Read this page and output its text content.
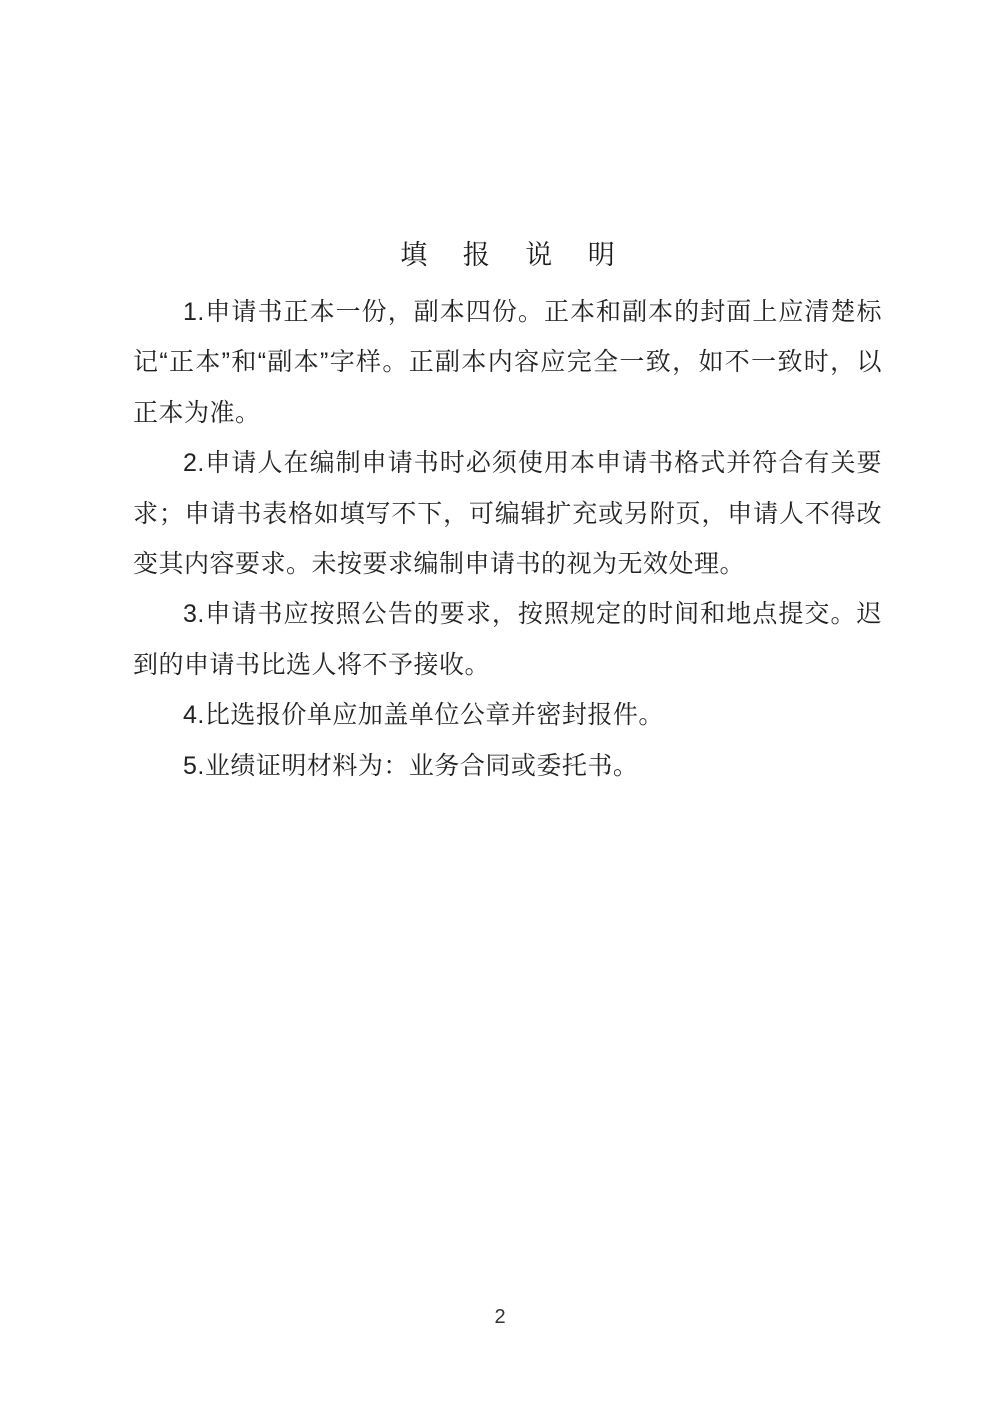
填 报 说 明

1.申请书正本一份，副本四份。正本和副本的封面上应清楚标记“正本”和“副本”字样。正副本内容应完全一致，如不一致时，以正本为准。

2.申请人在编制申请书时必须使用本申请书格式并符合有关要求；申请书表格如填写不下，可编辑扩充或另附页，申请人不得改变其内容要求。未按要求编制申请书的视为无效处理。

3.申请书应按照公告的要求，按照规定的时间和地点提交。迟到的申请书比选人将不予接收。

4.比选报价单应加盖单位公章并密封报件。

5.业绩证明材料为：业务合同或委托书。

2
